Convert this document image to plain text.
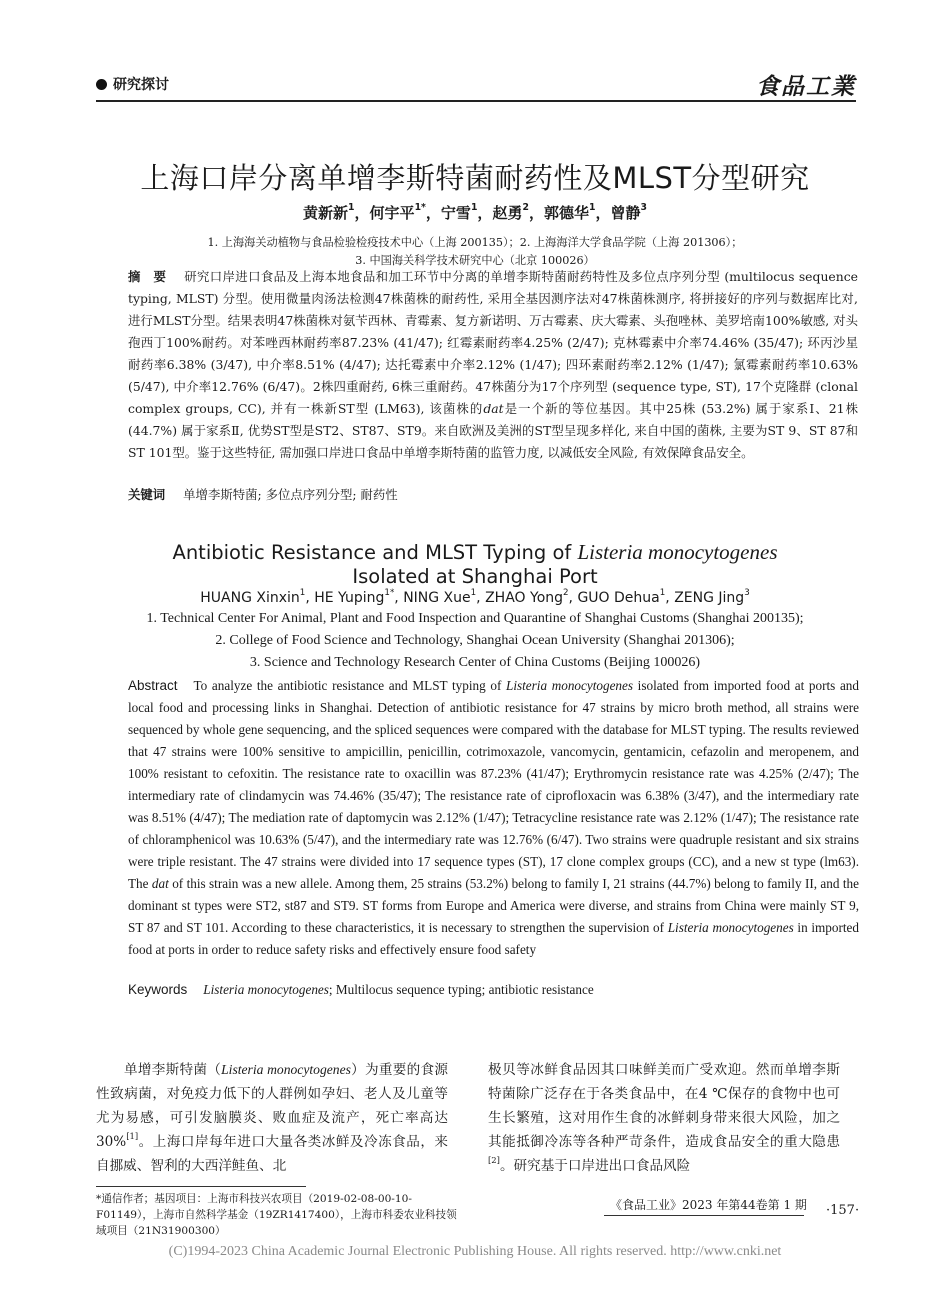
研究探讨	食品工業
上海口岸分离单增李斯特菌耐药性及MLST分型研究
黄新新$^1$，何宇平$^{1*}$，宁雪$^1$，赵勇$^2$，郭德华$^1$，曾静$^3$
1. 上海海关动植物与食品检验检疫技术中心（上海 200135）；2. 上海海洋大学食品学院（上海 201306）；
3. 中国海关科学技术研究中心（北京 100026）
摘　要 研究口岸进口食品及上海本地食品和加工环节中分离的单增李斯特菌耐药特性及多位点序列分型 (multilocus sequence typing, MLST) 分型。使用微量肉汤法检测47株菌株的耐药性, 采用全基因测序法对47株菌株测序, 将拼接好的序列与数据库比对, 进行MLST分型。结果表明47株菌株对氨苄西林、青霉素、复方新诺明、万古霉素、庆大霉素、头孢唑林、美罗培南100%敏感, 对头孢西丁100%耐药。对苯唑西林耐药率87.23% (41/47); 红霉素耐药率4.25% (2/47); 克林霉素中介率74.46% (35/47); 环丙沙星耐药率6.38% (3/47), 中介率8.51% (4/47); 达托霉素中介率2.12% (1/47); 四环素耐药率2.12% (1/47); 氯霉素耐药率10.63% (5/47), 中介率12.76% (6/47)。2株四重耐药, 6株三重耐药。47株菌分为17个序列型 (sequence type, ST), 17个克隆群 (clonal complex groups, CC), 并有一株新ST型 (LM63), 该菌株的dat是一个新的等位基因。其中25株 (53.2%) 属于家系Ⅰ、21株 (44.7%) 属于家系Ⅱ, 优势ST型是ST2、ST87、ST9。来自欧洲及美洲的ST型呈现多样化, 来自中国的菌株, 主要为ST 9、ST 87和ST 101型。鉴于这些特征, 需加强口岸进口食品中单增李斯特菌的监管力度, 以减低安全风险, 有效保障食品安全。
关键词 单增李斯特菌; 多位点序列分型; 耐药性
Antibiotic Resistance and MLST Typing of Listeria monocytogenes
Isolated at Shanghai Port
HUANG Xinxin$^1$, HE Yuping$^{1*}$, NING Xue$^1$, ZHAO Yong$^2$, GUO Dehua$^1$, ZENG Jing$^3$
1. Technical Center For Animal, Plant and Food Inspection and Quarantine of Shanghai Customs (Shanghai 200135);
2. College of Food Science and Technology, Shanghai Ocean University (Shanghai 201306);
3. Science and Technology Research Center of China Customs (Beijing 100026)
Abstract To analyze the antibiotic resistance and MLST typing of Listeria monocytogenes isolated from imported food at ports and local food and processing links in Shanghai. Detection of antibiotic resistance for 47 strains by micro broth method, all strains were sequenced by whole gene sequencing, and the spliced sequences were compared with the database for MLST typing. The results reviewed that 47 strains were 100% sensitive to ampicillin, penicillin, cotrimoxazole, vancomycin, gentamicin, cefazolin and meropenem, and 100% resistant to cefoxitin. The resistance rate to oxacillin was 87.23% (41/47); Erythromycin resistance rate was 4.25% (2/47); The intermediary rate of clindamycin was 74.46% (35/47); The resistance rate of ciprofloxacin was 6.38% (3/47), and the intermediary rate was 8.51% (4/47); The mediation rate of daptomycin was 2.12% (1/47); Tetracycline resistance rate was 2.12% (1/47); The resistance rate of chloramphenicol was 10.63% (5/47), and the intermediary rate was 12.76% (6/47). Two strains were quadruple resistant and six strains were triple resistant. The 47 strains were divided into 17 sequence types (ST), 17 clone complex groups (CC), and a new st type (lm63). The dat of this strain was a new allele. Among them, 25 strains (53.2%) belong to family I, 21 strains (44.7%) belong to family II, and the dominant st types were ST2, st87 and ST9. ST forms from Europe and America were diverse, and strains from China were mainly ST 9, ST 87 and ST 101. According to these characteristics, it is necessary to strengthen the supervision of Listeria monocytogenes in imported food at ports in order to reduce safety risks and effectively ensure food safety
Keywords Listeria monocytogenes; Multilocus sequence typing; antibiotic resistance
单增李斯特菌（Listeria monocytogenes）为重要的食源性致病菌，对免疫力低下的人群例如孕妇、老人及儿童等尤为易感，可引发脑膜炎、败血症及流产，死亡率高达30%[1]。上海口岸每年进口大量各类冰鲜及冷冻食品，来自挪威、智利的大西洋鲑鱼、北
极贝等冰鲜食品因其口味鲜美而广受欢迎。然而单增李斯特菌除广泛存在于各类食品中，在4 ℃保存的食物中也可生长繁殖，这对用作生食的冰鲜刺身带来很大风险，加之其能抵御冷冻等各种严苛条件，造成食品安全的重大隐患[2]。研究基于口岸进出口食品风险
*通信作者；基因项目：上海市科技兴农项目（2019-02-08-00-10-F01149），上海市自然科学基金（19ZR1417400），上海市科委农业科技领域项目（21N31900300）
《食品工业》2023 年第44卷第 1 期 ·157·
(C)1994-2023 China Academic Journal Electronic Publishing House. All rights reserved. http://www.cnki.net
